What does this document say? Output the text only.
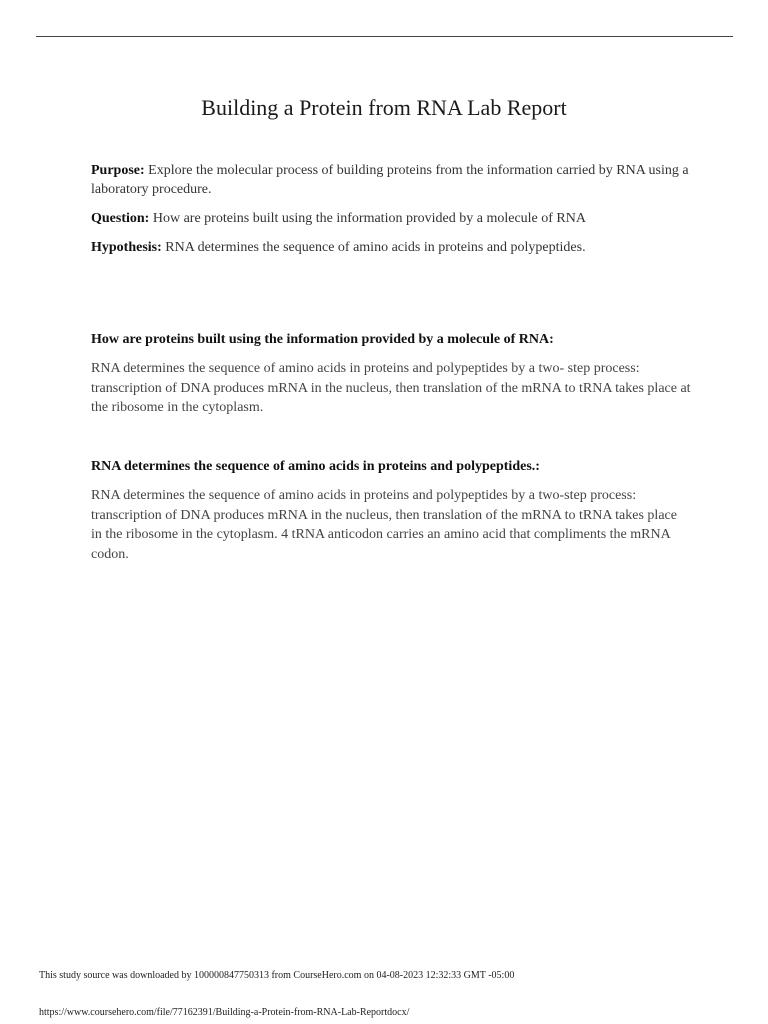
Building a Protein from RNA Lab Report

Purpose: Explore the molecular process of building proteins from the information carried by RNA using a laboratory procedure.

Question: How are proteins built using the information provided by a molecule of RNA

Hypothesis: RNA determines the sequence of amino acids in proteins and polypeptides.

How are proteins built using the information provided by a molecule of RNA:

RNA determines the sequence of amino acids in proteins and polypeptides by a two- step process: transcription of DNA produces mRNA in the nucleus, then translation of the mRNA to tRNA takes place at the ribosome in the cytoplasm.

RNA determines the sequence of amino acids in proteins and polypeptides.:

RNA determines the sequence of amino acids in proteins and polypeptides by a two-step process: transcription of DNA produces mRNA in the nucleus, then translation of the mRNA to tRNA takes place in the ribosome in the cytoplasm. 4 tRNA anticodon carries an amino acid that compliments the mRNA codon.

This study source was downloaded by 100000847750313 from CourseHero.com on 04-08-2023 12:32:33 GMT -05:00
https://www.coursehero.com/file/77162391/Building-a-Protein-from-RNA-Lab-Reportdocx/
